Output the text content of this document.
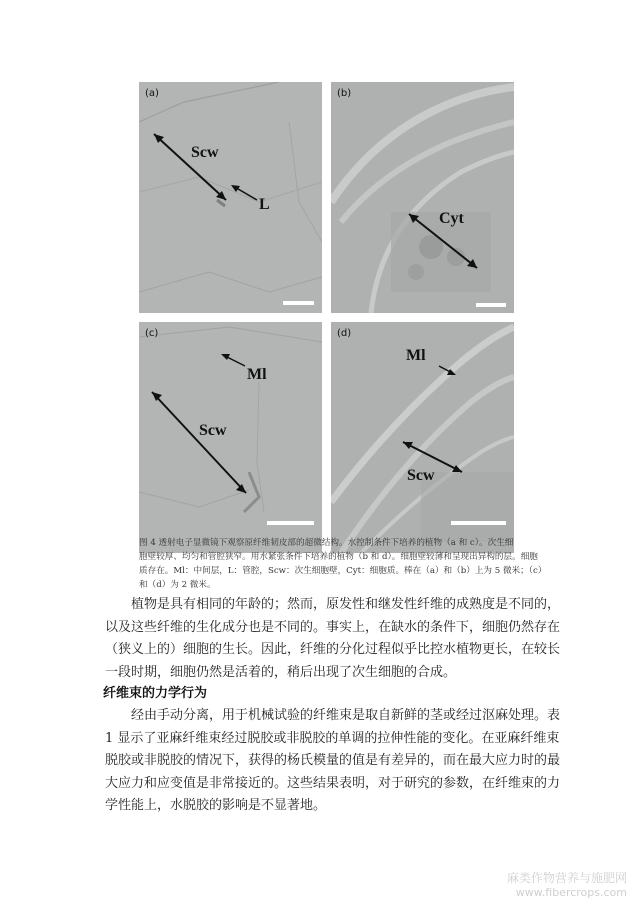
(a)
Scw
L
(b)
Cyt
(c)
Ml
Scw
(d)
Ml
Scw
图 4 透射电子显微镜下观察原纤维韧皮部的超微结构。水控制条件下培养的植物（a 和 c）。次生细
胞壁较厚、均匀和管腔狭窄。用水紧张条件下培养的植物（b 和 d）。细胞壁较薄和呈现出异构的层。细胞
质存在。Ml：中间层，L：管腔，Scw：次生细胞壁，Cyt：细胞质。棒在（a）和（b）上为 5 微米；（c）
和（d）为 2 微米。
植物是具有相同的年龄的；然而，原发性和继发性纤维的成熟度是不同的，
以及这些纤维的生化成分也是不同的。事实上，在缺水的条件下，细胞仍然存在
（狭义上的）细胞的生长。因此，纤维的分化过程似乎比控水植物更长，在较长
一段时期，细胞仍然是活着的，稍后出现了次生细胞的合成。
纤维束的力学行为
经由手动分离，用于机械试验的纤维束是取自新鲜的茎或经过沤麻处理。表
1 显示了亚麻纤维束经过脱胶或非脱胶的单调的拉伸性能的变化。在亚麻纤维束
脱胶或非脱胶的情况下，获得的杨氏模量的值是有差异的，而在最大应力时的最
大应力和应变值是非常接近的。这些结果表明，对于研究的参数，在纤维束的力
学性能上，水脱胶的影响是不显著地。
麻类作物营养与施肥网
www.fibercrops.com
